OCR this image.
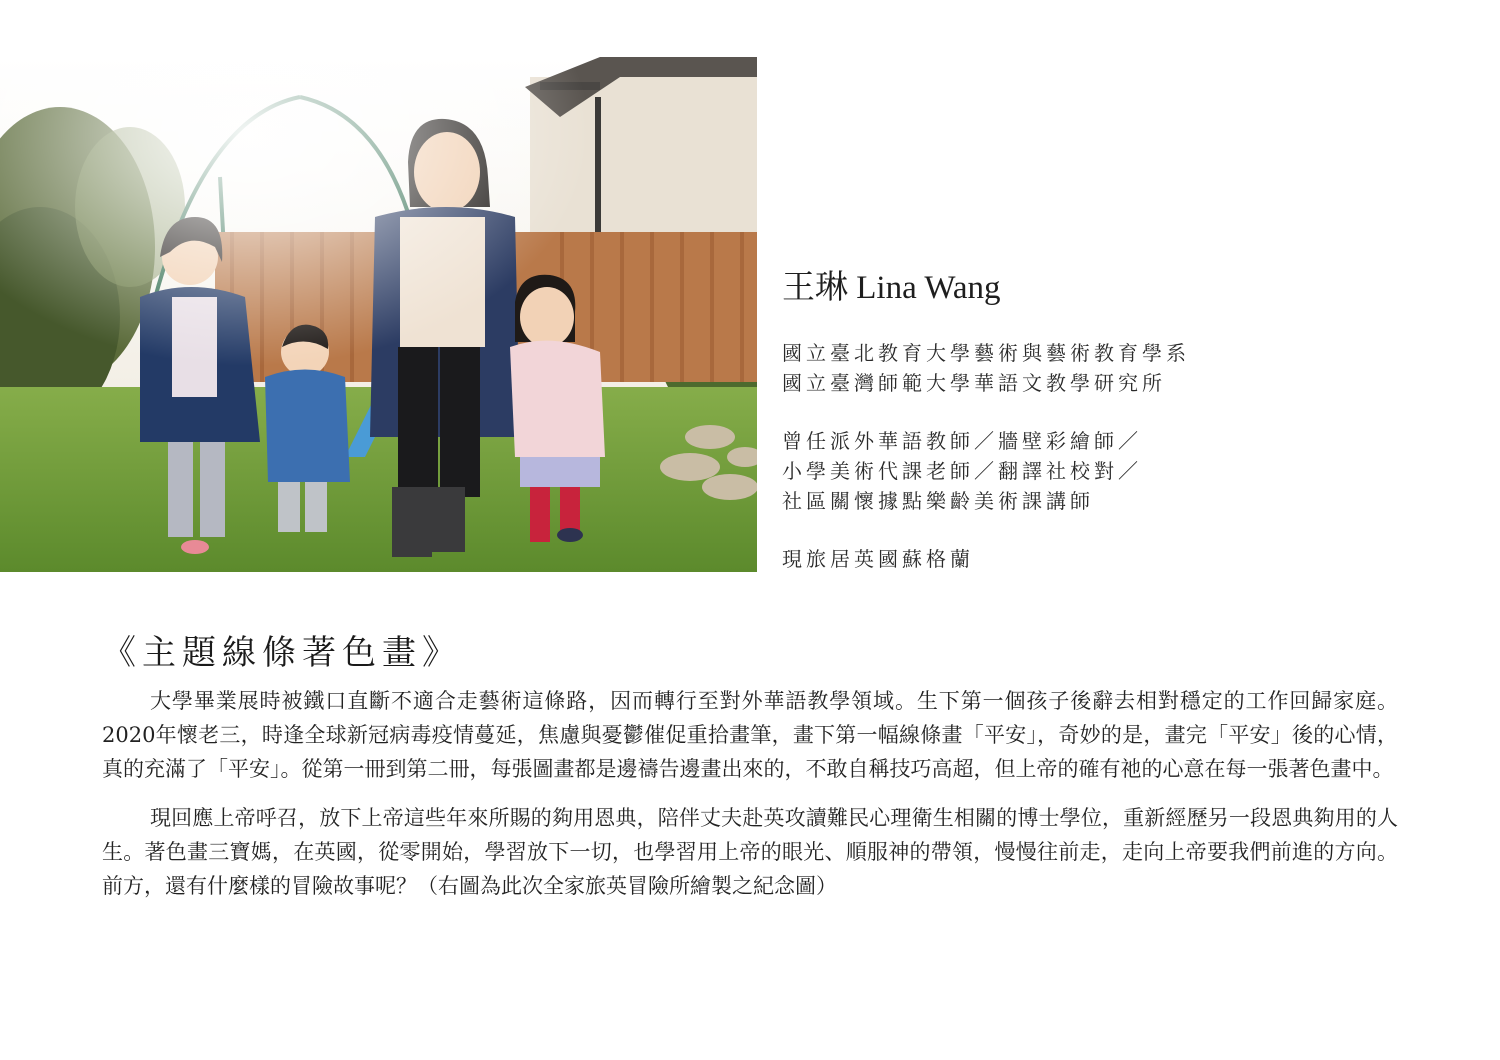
王琳 Lina Wang
國立臺北教育大學藝術與藝術教育學系
國立臺灣師範大學華語文教學研究所
曾任派外華語教師／牆壁彩繪師／
小學美術代課老師／翻譯社校對／
社區關懷據點樂齡美術課講師
現旅居英國蘇格蘭
《主題線條著色畫》

大學畢業展時被鐵口直斷不適合走藝術這條路，因而轉行至對外華語教學領域。生下第一個孩子後辭去相對穩定的工作回歸家庭。2020年懷老三，時逢全球新冠病毒疫情蔓延，焦慮與憂鬱催促重拾畫筆，畫下第一幅線條畫「平安」，奇妙的是，畫完「平安」後的心情，真的充滿了「平安」。從第一冊到第二冊，每張圖畫都是邊禱告邊畫出來的，不敢自稱技巧高超，但上帝的確有祂的心意在每一張著色畫中。

現回應上帝呼召，放下上帝這些年來所賜的夠用恩典，陪伴丈夫赴英攻讀難民心理衛生相關的博士學位，重新經歷另一段恩典夠用的人生。著色畫三寶媽，在英國，從零開始，學習放下一切，也學習用上帝的眼光、順服神的帶領，慢慢往前走，走向上帝要我們前進的方向。前方，還有什麼樣的冒險故事呢？（右圖為此次全家旅英冒險所繪製之紀念圖）
